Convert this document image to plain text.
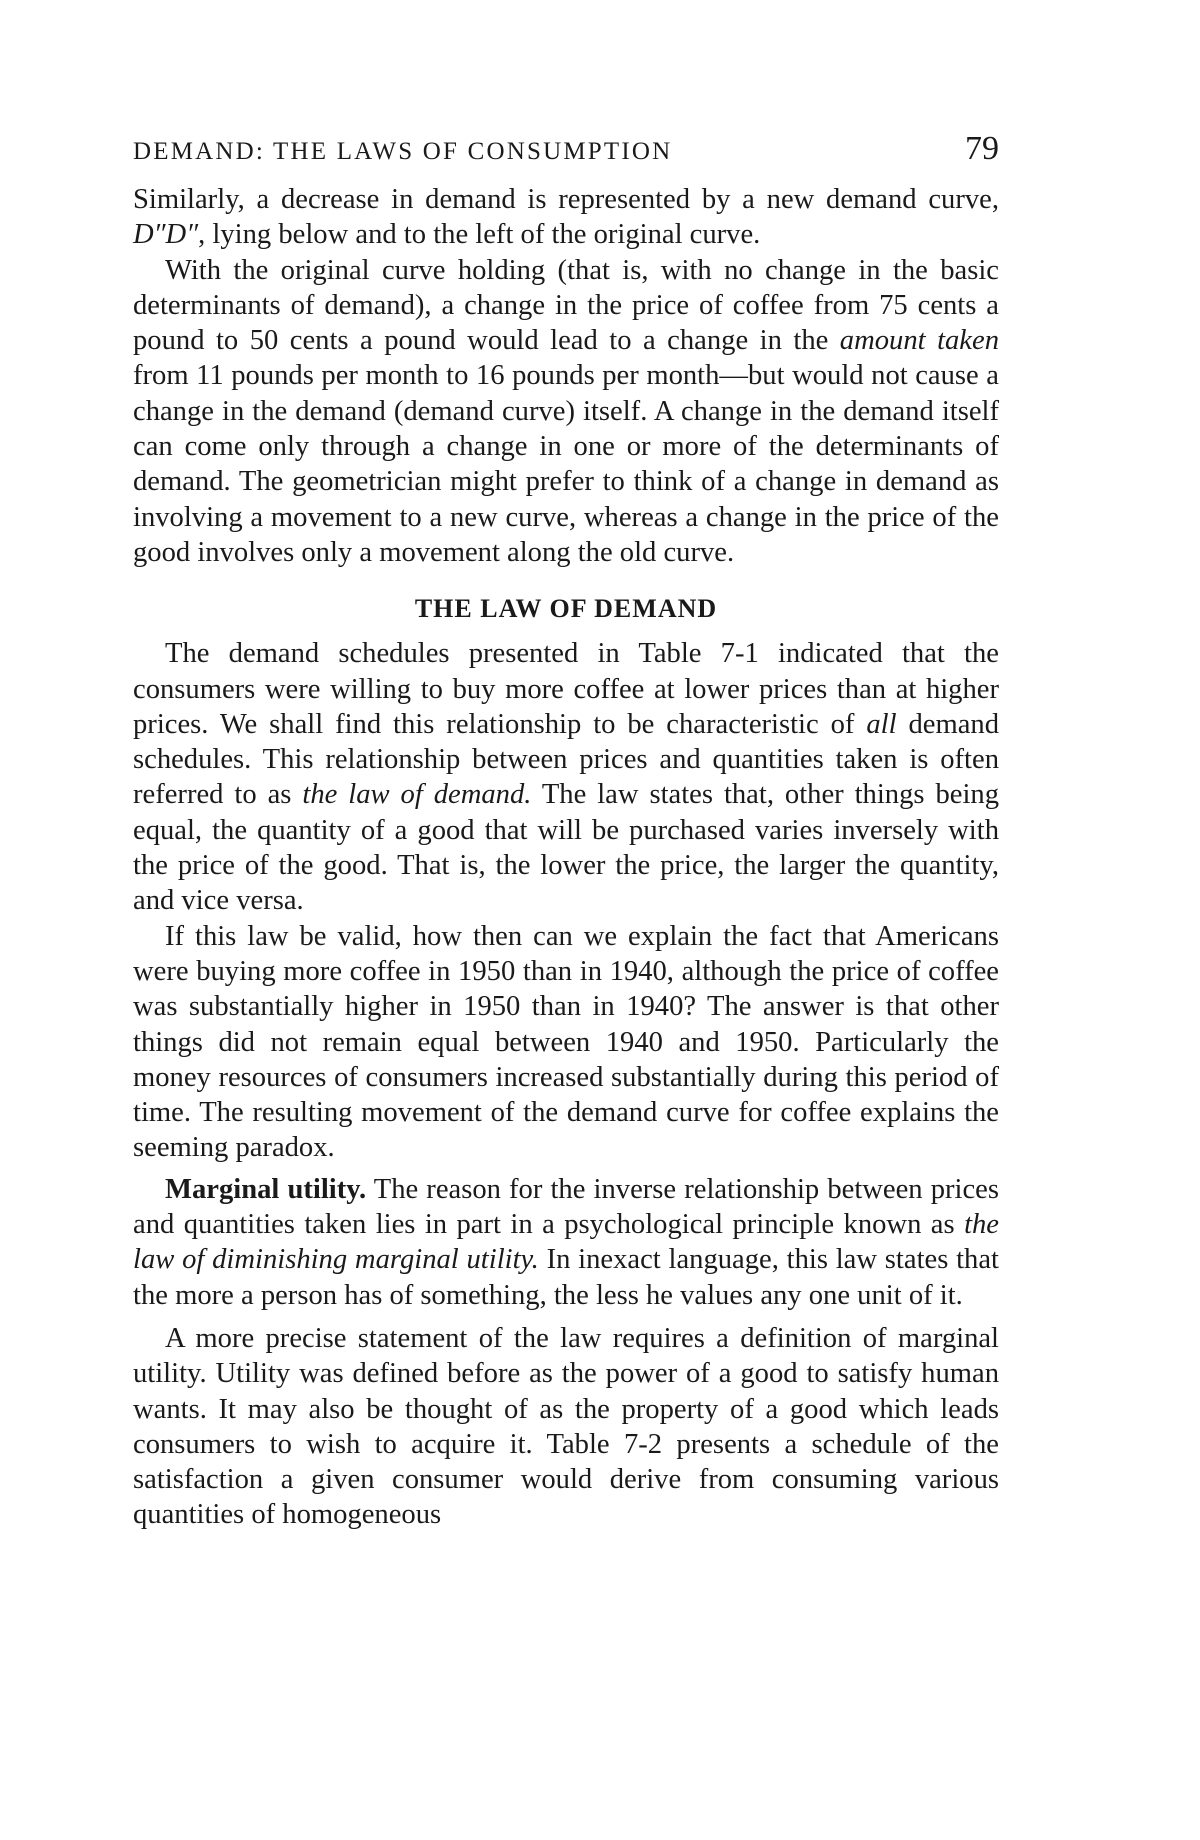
DEMAND: THE LAWS OF CONSUMPTION	79

Similarly, a decrease in demand is represented by a new demand curve, D″D″, lying below and to the left of the original curve.

With the original curve holding (that is, with no change in the basic determinants of demand), a change in the price of coffee from 75 cents a pound to 50 cents a pound would lead to a change in the amount taken from 11 pounds per month to 16 pounds per month—but would not cause a change in the demand (demand curve) itself. A change in the demand itself can come only through a change in one or more of the determinants of demand. The geometrician might prefer to think of a change in demand as involving a movement to a new curve, whereas a change in the price of the good involves only a movement along the old curve.

THE LAW OF DEMAND

The demand schedules presented in Table 7-1 indicated that the consumers were willing to buy more coffee at lower prices than at higher prices. We shall find this relationship to be characteristic of all demand schedules. This relationship between prices and quantities taken is often referred to as the law of demand. The law states that, other things being equal, the quantity of a good that will be purchased varies inversely with the price of the good. That is, the lower the price, the larger the quantity, and vice versa.

If this law be valid, how then can we explain the fact that Americans were buying more coffee in 1950 than in 1940, although the price of coffee was substantially higher in 1950 than in 1940? The answer is that other things did not remain equal between 1940 and 1950. Particularly the money resources of consumers increased substantially during this period of time. The resulting movement of the demand curve for coffee explains the seeming paradox.

Marginal utility. The reason for the inverse relationship between prices and quantities taken lies in part in a psychological principle known as the law of diminishing marginal utility. In inexact language, this law states that the more a person has of something, the less he values any one unit of it.

A more precise statement of the law requires a definition of marginal utility. Utility was defined before as the power of a good to satisfy human wants. It may also be thought of as the property of a good which leads consumers to wish to acquire it. Table 7-2 presents a schedule of the satisfaction a given consumer would derive from consuming various quantities of homogeneous
